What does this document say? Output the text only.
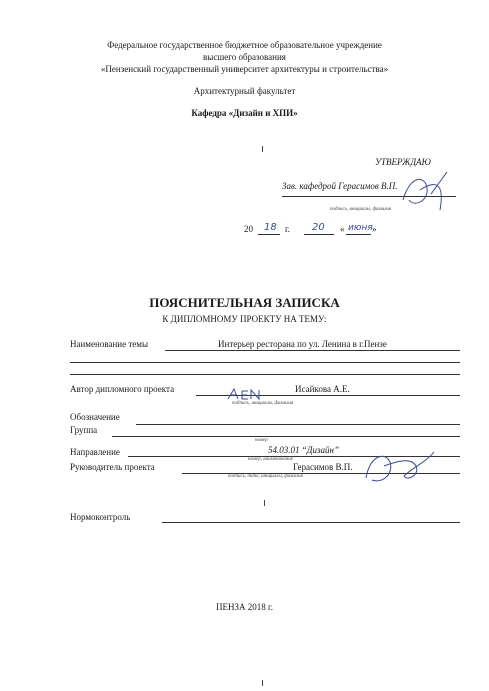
Федеральное государственное бюджетное образовательное учреждение
высшего образования
«Пензенский государственный университет архитектуры и строительства»
Архитектурный факультет
Кафедра «Дизайн и ХПИ»
УТВЕРЖДАЮ
Зав. кафедрой Герасимов В.П.
подпись, инициалы, фамилия
20 18 г. 20 « июня »
ПОЯСНИТЕЛЬНАЯ ЗАПИСКА
К ДИПЛОМНОМУ ПРОЕКТУ НА ТЕМУ:
Наименование темы	Интерьер ресторана по ул. Ленина в г.Пензе
Автор дипломного проекта	Исайкова А.Е.
подпись, инициалы, фамилия
Обозначение
Группа
номер
Направление	54.03.01 “Дизайн”
номер, наименование
Руководитель проекта	Герасимов В.П.
подпись, дата, инициалы, фамилия
Нормоконтроль
ПЕНЗА 2018 г.
